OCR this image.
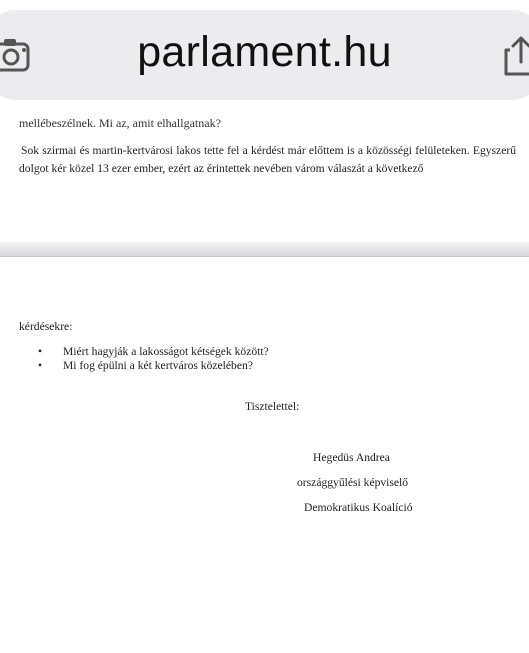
parlament.hu
mellébeszélnek. Mi az, amit elhallgatnak?
Sok szirmai és martin-kertvárosi lakos tette fel a kérdést már előttem is a közösségi felületeken. Egyszerű dolgot kér közel 13 ezer ember, ezért az érintettek nevében várom válaszát a következő
kérdésekre:
• Miért hagyják a lakosságot kétségek között?
• Mi fog épülni a két kertváros közelében?
Tisztelettel:
Hegedüs Andrea
országgyűlési képviselő
Demokratikus Koalíció
